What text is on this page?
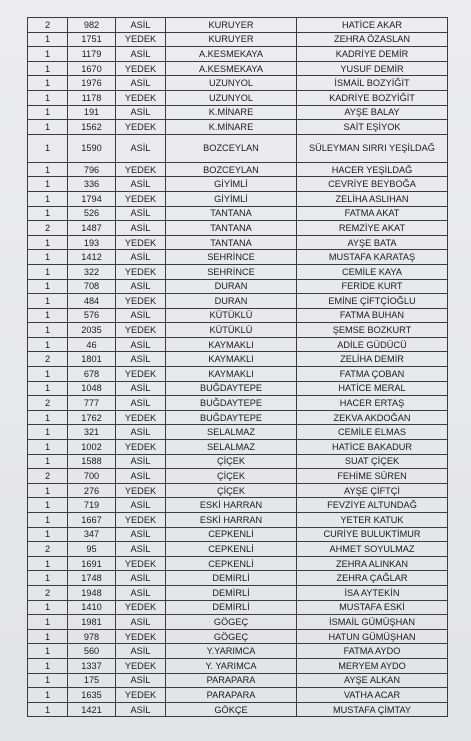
2	982	ASİL	KURUYER	HATİCE AKAR
1	1751	YEDEK	KURUYER	ZEHRA ÖZASLAN
1	1179	ASİL	A.KESMEKAYA	KADRİYE DEMİR
1	1670	YEDEK	A.KESMEKAYA	YUSUF DEMİR
1	1976	ASİL	UZUNYOL	İSMAİL BOZYİĞİT
1	1178	YEDEK	UZUNYOL	KADRİYE BOZYİĞİT
1	191	ASİL	K.MİNARE	AYŞE BALAY
1	1562	YEDEK	K.MİNARE	SAİT EŞİYOK
1	1590	ASİL	BOZCEYLAN	SÜLEYMAN SIRRI YEŞİLDAĞ
1	796	YEDEK	BOZCEYLAN	HACER YEŞİLDAĞ
1	336	ASİL	GİYİMLİ	CEVRİYE BEYBOĞA
1	1794	YEDEK	GİYİMLİ	ZELİHA ASLIHAN
1	526	ASİL	TANTANA	FATMA AKAT
2	1487	ASİL	TANTANA	REMZİYE AKAT
1	193	YEDEK	TANTANA	AYŞE BATA
1	1412	ASİL	SEHRİNCE	MUSTAFA KARATAŞ
1	322	YEDEK	SEHRİNCE	CEMİLE KAYA
1	708	ASİL	DURAN	FERİDE KURT
1	484	YEDEK	DURAN	EMİNE ÇİFTÇİOĞLU
1	576	ASİL	KÜTÜKLÜ	FATMA BUHAN
1	2035	YEDEK	KÜTÜKLÜ	ŞEMSE BOZKURT
1	46	ASİL	KAYMAKLI	ADİLE GÜDÜCÜ
2	1801	ASİL	KAYMAKLI	ZELİHA DEMİR
1	678	YEDEK	KAYMAKLI	FATMA ÇOBAN
1	1048	ASİL	BUĞDAYTEPE	HATİCE MERAL
2	777	ASİL	BUĞDAYTEPE	HACER ERTAŞ
1	1762	YEDEK	BUĞDAYTEPE	ZEKVA AKDOĞAN
1	321	ASİL	SELALMAZ	CEMİLE ELMAS
1	1002	YEDEK	SELALMAZ	HATİCE BAKADUR
1	1588	ASİL	ÇİÇEK	SUAT ÇİÇEK
2	700	ASİL	ÇİÇEK	FEHİME SÜREN
1	276	YEDEK	ÇİÇEK	AYŞE ÇİFTÇİ
1	719	ASİL	ESKİ HARRAN	FEVZİYE ALTUNDAĞ
1	1667	YEDEK	ESKİ HARRAN	YETER KATUK
1	347	ASİL	CEPKENLİ	CURİYE BULUKTİMUR
2	95	ASİL	CEPKENLİ	AHMET SOYULMAZ
1	1691	YEDEK	CEPKENLİ	ZEHRA ALINKAN
1	1748	ASİL	DEMİRLİ	ZEHRA ÇAĞLAR
2	1948	ASİL	DEMİRLİ	İSA AYTEKİN
1	1410	YEDEK	DEMİRLİ	MUSTAFA ESKİ
1	1981	ASİL	GÖGEÇ	İSMAİL GÜMÜŞHAN
1	978	YEDEK	GÖGEÇ	HATUN GÜMÜŞHAN
1	560	ASİL	Y.YARIMCA	FATMA AYDO
1	1337	YEDEK	Y. YARIMCA	MERYEM AYDO
1	175	ASİL	PARAPARA	AYŞE ALKAN
1	1635	YEDEK	PARAPARA	VATHA ACAR
1	1421	ASİL	GÖKÇE	MUSTAFA ÇİMTAY
